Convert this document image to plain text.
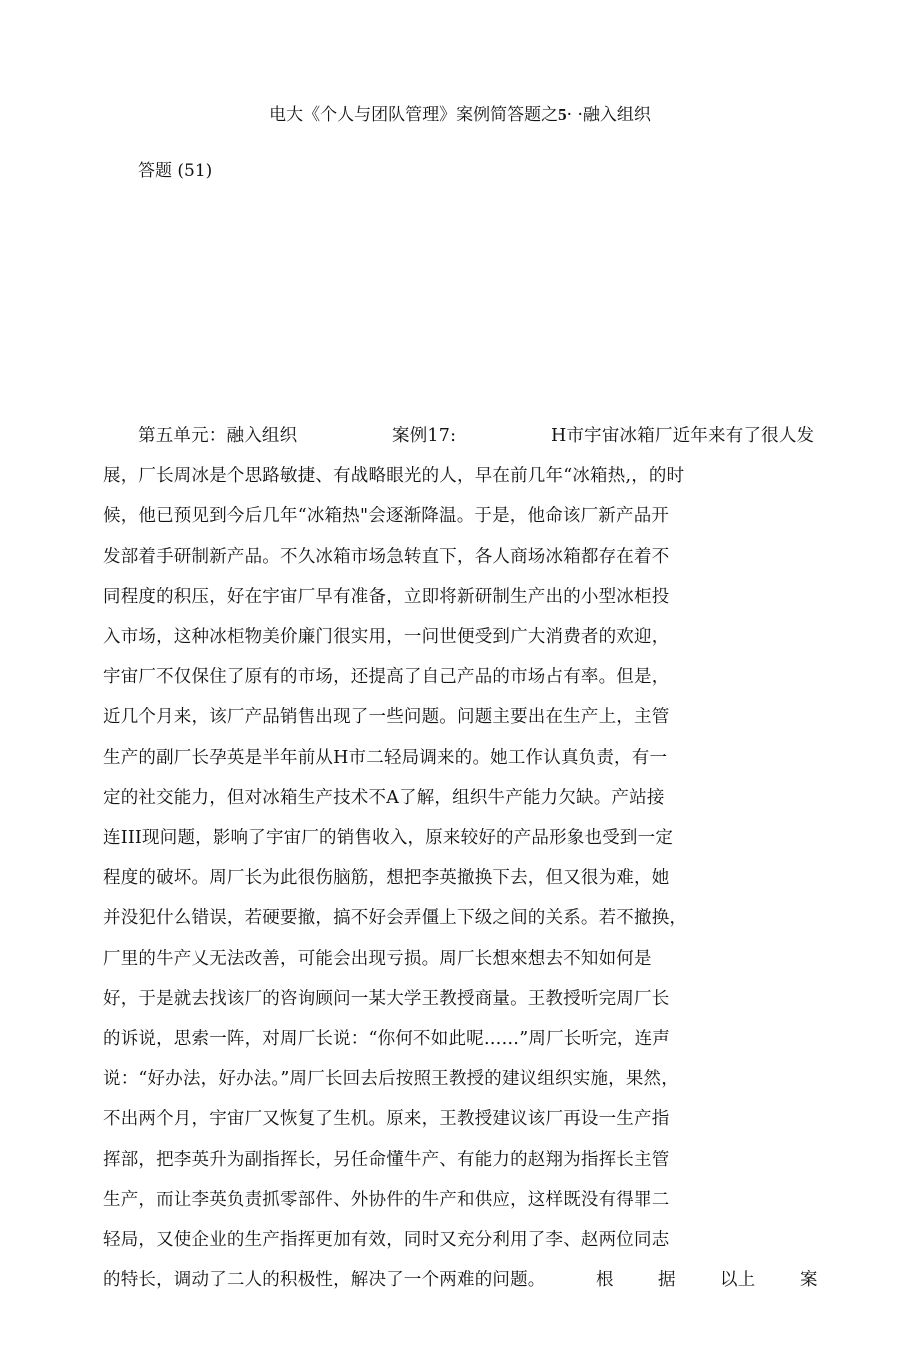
电大《个人与团队管理》案例简答题之5· ·融入组织
答题 (51)
第五单元：融入组织	案例17:	H市宇宙冰箱厂近年来有了很人发
展，厂长周冰是个思路敏捷、有战略眼光的人，早在前几年“冰箱热,，的时
候，他已预见到今后几年“冰箱热"会逐渐降温。于是，他命该厂新产品开
发部着手研制新产品。不久冰箱市场急转直下，各人商场冰箱都存在着不
同程度的积压，好在宇宙厂早有准备，立即将新研制生产出的小型冰柜投
入市场，这种冰柜物美价廉门很实用，一问世便受到广大消费者的欢迎，
宇宙厂不仅保住了原有的市场，还提高了自己产品的市场占有率。但是，
近几个月来，该厂产品销售出现了一些问题。问题主要出在生产上，主管
生产的副厂长孕英是半年前从H市二轻局调来的。她工作认真负责，有一
定的社交能力，但对冰箱生产技术不A了解，组织牛产能力欠缺。产站接
连III现问题，影响了宇宙厂的销售收入，原来较好的产品形象也受到一定
程度的破坏。周厂长为此很伤脑筋，想把李英撤换下去，但又很为难，她
并没犯什么错误，若硬要撤，搞不好会弄僵上下级之间的关系。若不撤换，
厂里的牛产乂无法改善，可能会出现亏损。周厂长想來想去不知如何是
好，于是就去找该厂的咨询顾问一某大学王教授商量。王教授听完周厂长
的诉说，思索一阵，对周厂长说：“你何不如此呢……”周厂长听完，连声
说：“好办法，好办法。”周厂长回去后按照王教授的建议组织实施，果然，
不出两个月，宇宙厂又恢复了生机。原来，王教授建议该厂再设一生产指
挥部，把李英升为副指挥长，另任命懂牛产、有能力的赵翔为指挥长主管
生产，而让李英负责抓零部件、外协件的牛产和供应，这样既没有得罪二
轻局，又使企业的生产指挥更加有效，同时又充分利用了李、赵两位同志
的特长，调动了二人的积极性，解决了一个两难的问题。	根	据	以上	案
